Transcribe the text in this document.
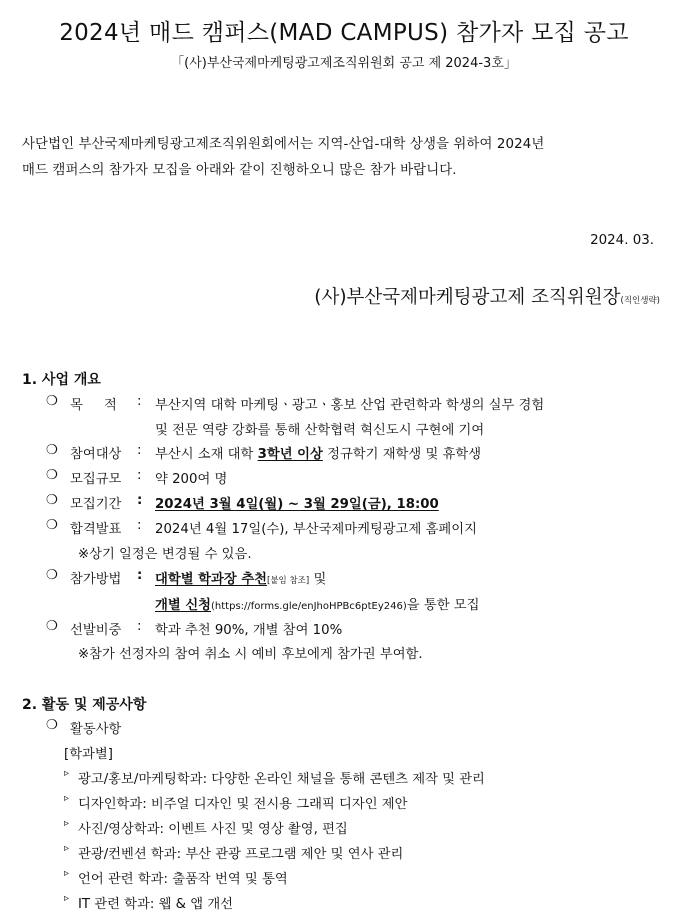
2024년 매드 캠퍼스(MAD CAMPUS) 참가자 모집 공고
「(사)부산국제마케팅광고제조직위원회 공고 제 2024-3호」
사단법인 부산국제마케팅광고제조직위원회에서는 지역-산업-대학 상생을 위하여 2024년
매드 캠퍼스의 참가자 모집을 아래와 같이 진행하오니 많은 참가 바랍니다.
2024. 03.
(사)부산국제마케팅광고제 조직위원장(직인생략)
1. 사업 개요
❍ 목     적 : 부산지역 대학 마케팅ㆍ광고ㆍ홍보 산업 관련학과 학생의 실무 경험
및 전문 역량 강화를 통해 산학협력 혁신도시 구현에 기여
❍ 참여대상 : 부산시 소재 대학 3학년 이상 정규학기 재학생 및 휴학생
❍ 모집규모 : 약 200여 명
❍ 모집기간 : 2024년 3월 4일(월) ~ 3월 29일(금), 18:00
❍ 합격발표 : 2024년 4월 17일(수), 부산국제마케팅광고제 홈페이지
※상기 일정은 변경될 수 있음.
❍ 참가방법 : 대학별 학과장 추천[붙임 참조] 및
개별 신청(https://forms.gle/enJhoHPBc6ptEy246)을 통한 모집
❍ 선발비중 : 학과 추천 90%, 개별 참여 10%
※참가 선정자의 참여 취소 시 예비 후보에게 참가권 부여함.
2. 활동 및 제공사항
❍ 활동사항
[학과별]
▹ 광고/홍보/마케팅학과: 다양한 온라인 채널을 통해 콘텐츠 제작 및 관리
▹ 디자인학과: 비주얼 디자인 및 전시용 그래픽 디자인 제안
▹ 사진/영상학과: 이벤트 사진 및 영상 촬영, 편집
▹ 관광/컨벤션 학과: 부산 관광 프로그램 제안 및 연사 관리
▹ 언어 관련 학과: 출품작 번역 및 통역
▹ IT 관련 학과: 웹 & 앱 개선
